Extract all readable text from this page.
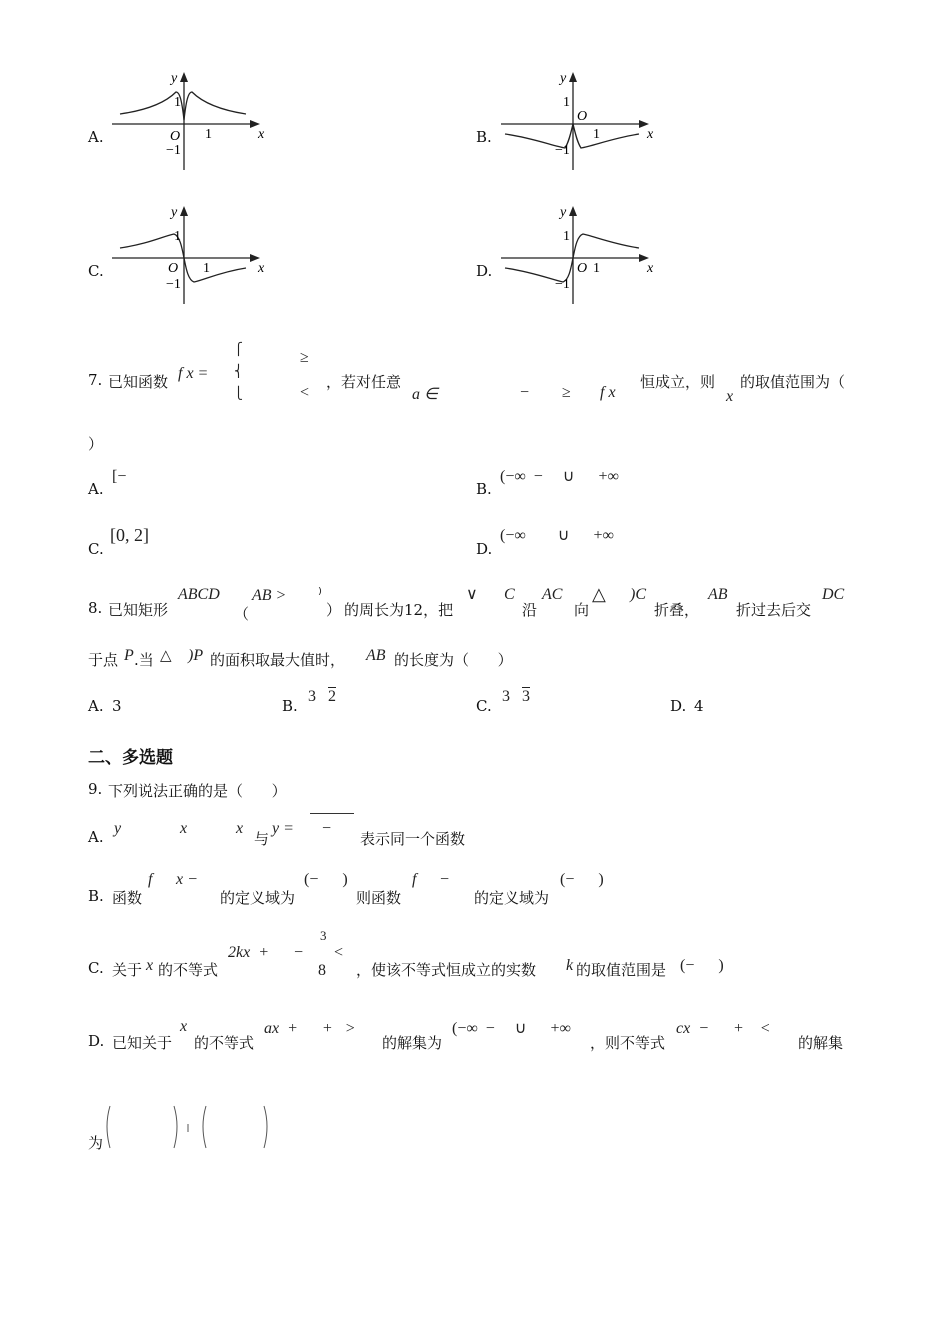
A.
y
x
O 1
1
−1
B.
y
x
O
1
1
−1
C.
y
x
O 1
1
−1
D.
y
x
O 1
1
−1
7. 已知函数 f x =
⎧
⎨
⎩
≥
<
，若对任意
a ∈	− ≥ f x
恒成立，则
x
的取值范围为（
）
A.
[−
B.
(−∞  −     ∪      +∞
C.
[0, 2]
D.
(−∞        ∪      +∞
8. 已知矩形
ABCD
（
AB > ⁾
） 的周长为12，把
∨ C
沿
AC
向
△ )C
折叠，
AB
折过去后交
DC
于点 P .当 △ )P 的面积取最大值时， AB 的长度为（      ）
A. 3	B.
3 2
C.
3 3
D. 4
二、多选题
9. 下列说法正确的是（      ）
A. y	x	x
与
y = −
表示同一个函数
B. 函数
f x −
的定义域为
(−      )
则函数
f −
的定义域为
(−      )
C. 关于 x 的不等式
2kx  +      −
3
8
<
，使该不等式恒成立的实数 k 的取值范围是 (−      )
D. 已知关于
x
的不等式
ax  +      +   >
的解集为
(−∞  −     ∪      +∞
，则不等式
cx  −      +    <
的解集
为
